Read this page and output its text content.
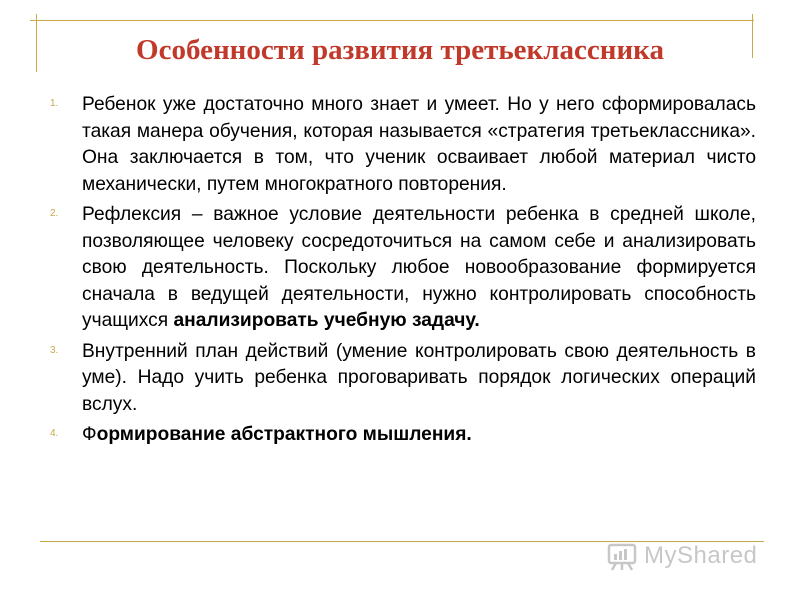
Особенности развития третьеклассника
1. Ребенок уже достаточно много знает и умеет. Но у него сформировалась такая манера обучения, которая называется «стратегия третьеклассника». Она заключается в том, что ученик осваивает любой материал чисто механически, путем многократного повторения.
2. Рефлексия – важное условие деятельности ребенка в средней школе, позволяющее человеку сосредоточиться на самом себе и анализировать свою деятельность. Поскольку любое новообразование формируется сначала в ведущей деятельности, нужно контролировать способность учащихся анализировать учебную задачу.
3. Внутренний план действий (умение контролировать свою деятельность в уме). Надо учить ребенка проговаривать порядок логических операций вслух.
4. Формирование абстрактного мышления.
MyShared
